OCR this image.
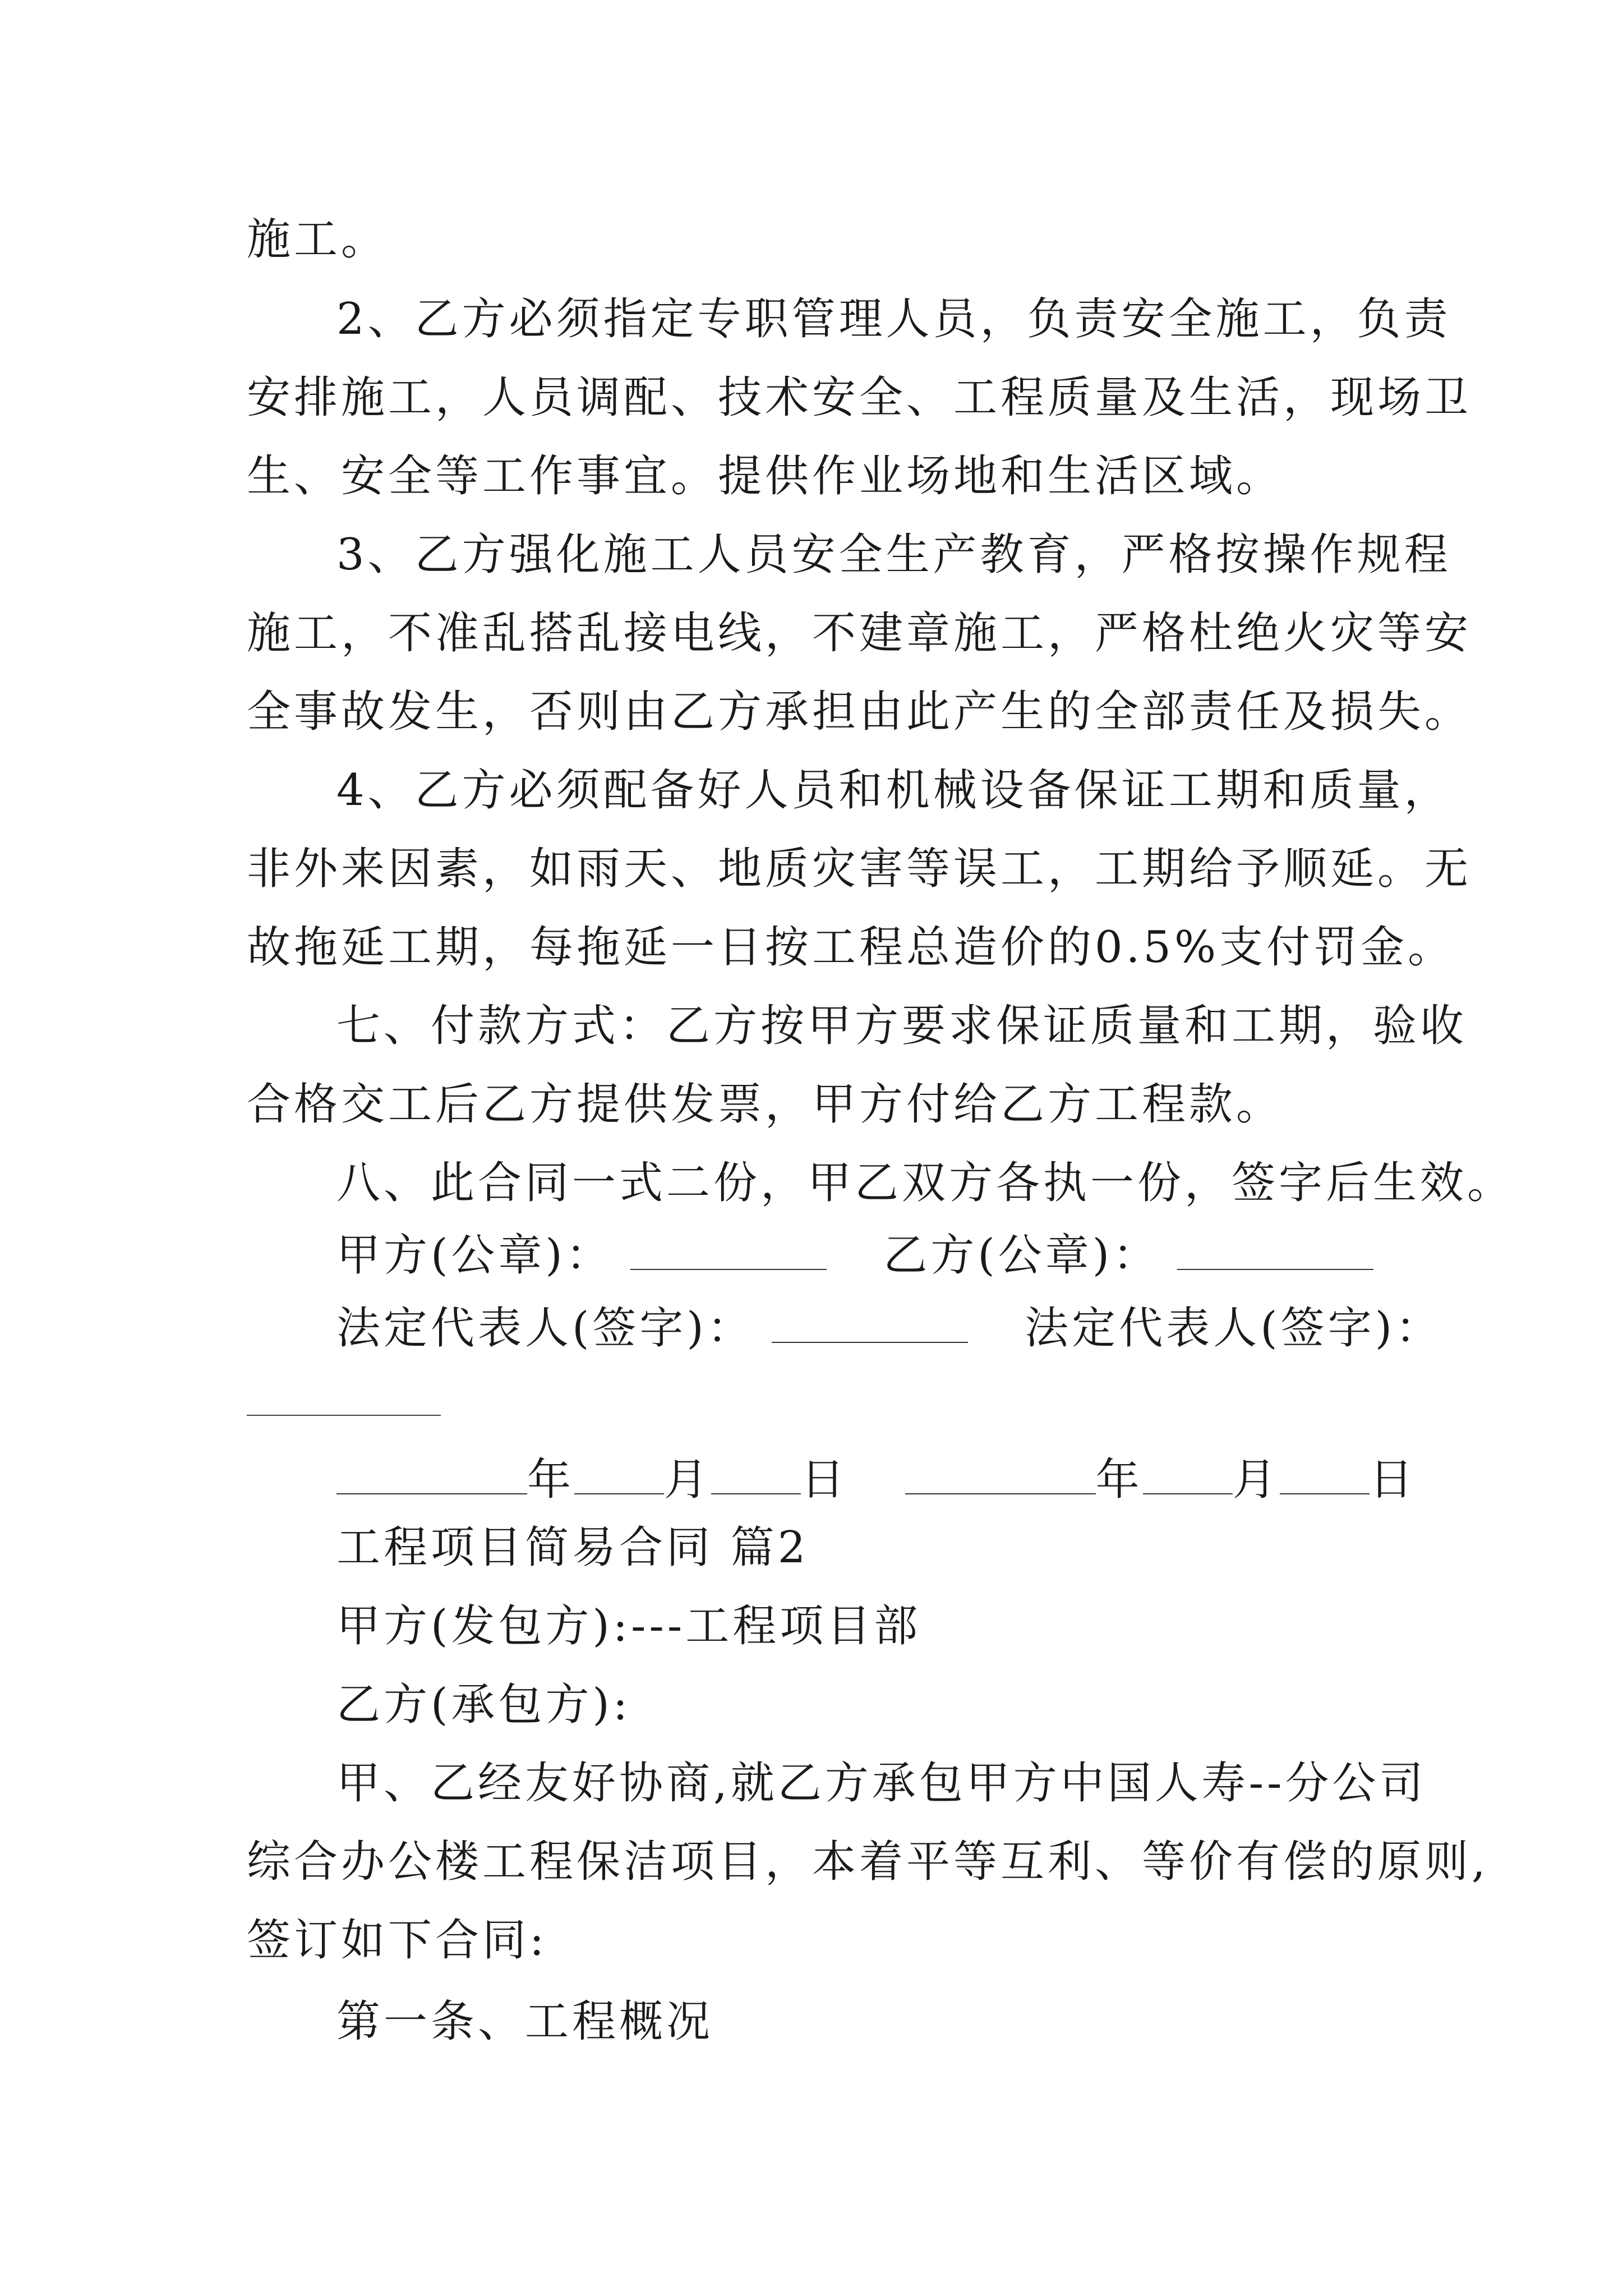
施工。
2、乙方必须指定专职管理人员，负责安全施工，负责
安排施工，人员调配、技术安全、工程质量及生活，现场卫
生、安全等工作事宜。提供作业场地和生活区域。
3、乙方强化施工人员安全生产教育，严格按操作规程
施工，不准乱搭乱接电线，不建章施工，严格杜绝火灾等安
全事故发生，否则由乙方承担由此产生的全部责任及损失。
4、乙方必须配备好人员和机械设备保证工期和质量，
非外来因素，如雨天、地质灾害等误工，工期给予顺延。无
故拖延工期，每拖延一日按工程总造价的0.5%支付罚金。
七、付款方式：乙方按甲方要求保证质量和工期，验收
合格交工后乙方提供发票，甲方付给乙方工程款。
八、此合同一式二份，甲乙双方各执一份，签字后生效。
甲方(公章)：	乙方(公章)：
法定代表人(签字)：	法定代表人(签字)：
年 月 日	年 月 日
工程项目简易合同 篇2
甲方(发包方):---工程项目部
乙方(承包方):
甲、乙经友好协商,就乙方承包甲方中国人寿--分公司
综合办公楼工程保洁项目，本着平等互利、等价有偿的原则,
签订如下合同:
第一条、工程概况
